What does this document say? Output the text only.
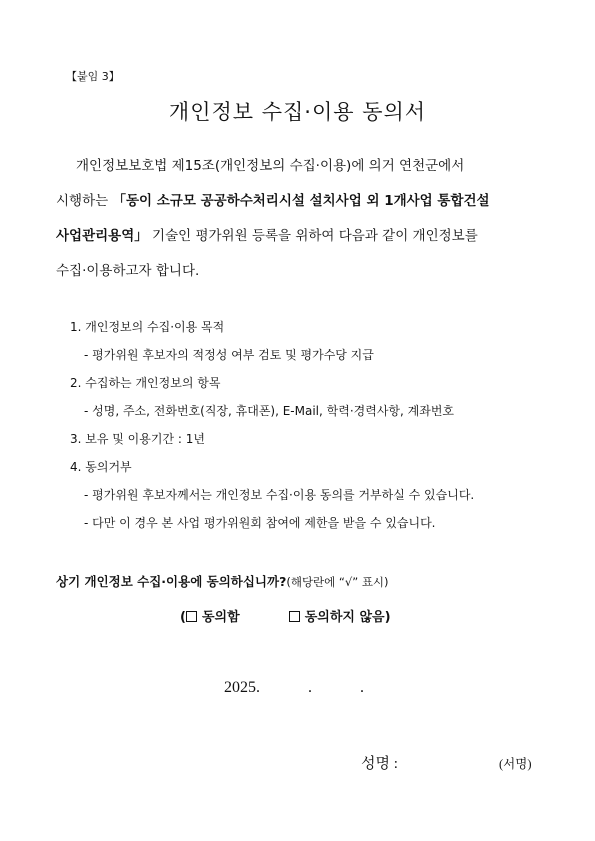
【붙임 3】
개인정보 수집·이용 동의서
개인정보보호법 제15조(개인정보의 수집·이용)에 의거 연천군에서
시행하는 「동이 소규모 공공하수처리시설 설치사업 외 1개사업 통합건설
사업관리용역」 기술인 평가위원 등록을 위하여 다음과 같이 개인정보를
수집·이용하고자 합니다.
1. 개인정보의 수집·이용 목적
- 평가위원 후보자의 적정성 여부 검토 및 평가수당 지급
2. 수집하는 개인정보의 항목
- 성명, 주소, 전화번호(직장, 휴대폰), E-Mail, 학력·경력사항, 계좌번호
3. 보유 및 이용기간 : 1년
4. 동의거부
- 평가위원 후보자께서는 개인정보 수집·이용 동의를 거부하실 수 있습니다.
- 다만 이 경우 본 사업 평가위원회 참여에 제한을 받을 수 있습니다.
상기 개인정보 수집·이용에 동의하십니까?(해당란에 “√” 표시)
( 동의함	동의하지 않음)
2025.　　　.　　　.
성명 :	(서명)
